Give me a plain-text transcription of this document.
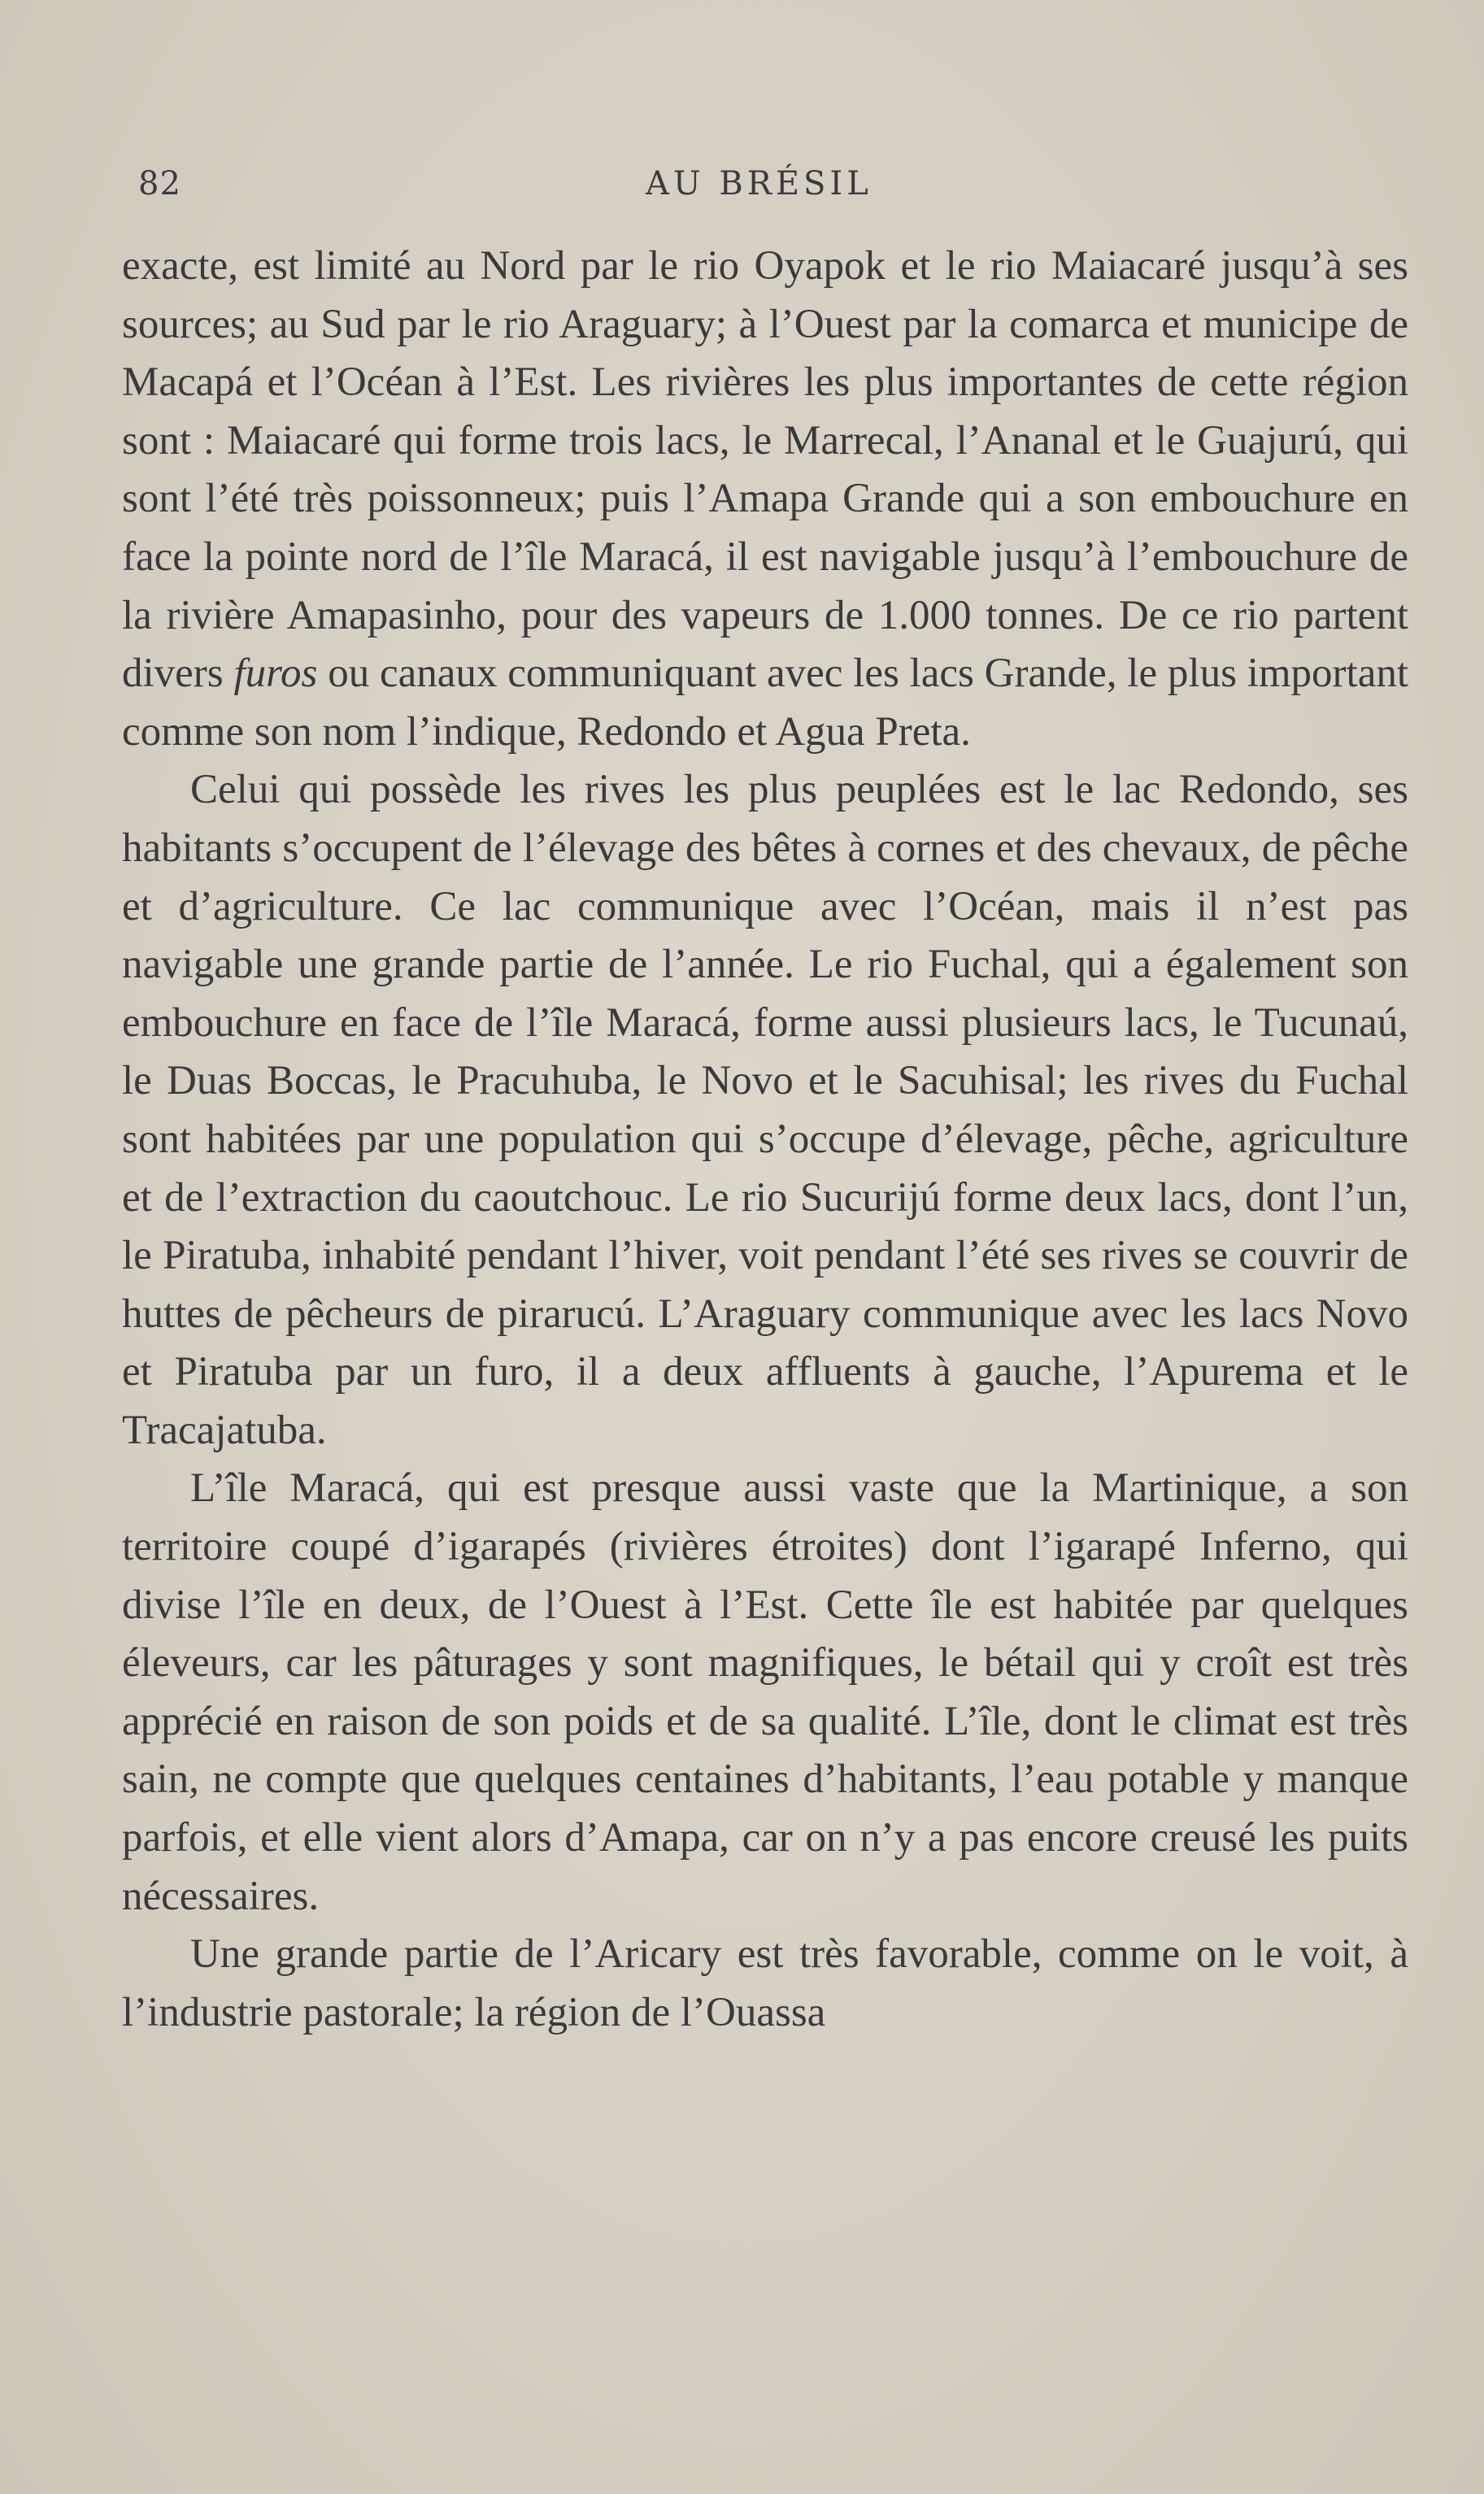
82	AU BRÉSIL

exacte, est limité au Nord par le rio Oyapok et le rio Maiacaré jusqu’à ses sources; au Sud par le rio Araguary; à l’Ouest par la comarca et municipe de Macapá et l’Océan à l’Est. Les rivières les plus importantes de cette région sont : Maiacaré qui forme trois lacs, le Marrecal, l’Ananal et le Guajurú, qui sont l’été très poissonneux; puis l’Amapa Grande qui a son embouchure en face la pointe nord de l’île Maracá, il est navigable jusqu’à l’embouchure de la rivière Amapasinho, pour des vapeurs de 1.000 tonnes. De ce rio partent divers furos ou canaux communiquant avec les lacs Grande, le plus important comme son nom l’indique, Redondo et Agua Preta.

Celui qui possède les rives les plus peuplées est le lac Redondo, ses habitants s’occupent de l’élevage des bêtes à cornes et des chevaux, de pêche et d’agriculture. Ce lac communique avec l’Océan, mais il n’est pas navigable une grande partie de l’année. Le rio Fuchal, qui a également son embouchure en face de l’île Maracá, forme aussi plusieurs lacs, le Tucunaú, le Duas Boccas, le Pracuhuba, le Novo et le Sacuhisal; les rives du Fuchal sont habitées par une population qui s’occupe d’élevage, pêche, agriculture et de l’extraction du caoutchouc. Le rio Sucurijú forme deux lacs, dont l’un, le Piratuba, inhabité pendant l’hiver, voit pendant l’été ses rives se couvrir de huttes de pêcheurs de pirarucú. L’Araguary communique avec les lacs Novo et Piratuba par un furo, il a deux affluents à gauche, l’Apurema et le Tracajatuba.

L’île Maracá, qui est presque aussi vaste que la Martinique, a son territoire coupé d’igarapés (rivières étroites) dont l’igarapé Inferno, qui divise l’île en deux, de l’Ouest à l’Est. Cette île est habitée par quelques éleveurs, car les pâturages y sont magnifiques, le bétail qui y croît est très apprécié en raison de son poids et de sa qualité. L’île, dont le climat est très sain, ne compte que quelques centaines d’habitants, l’eau potable y manque parfois, et elle vient alors d’Amapa, car on n’y a pas encore creusé les puits nécessaires.

Une grande partie de l’Aricary est très favorable, comme on le voit, à l’industrie pastorale; la région de l’Ouassa
